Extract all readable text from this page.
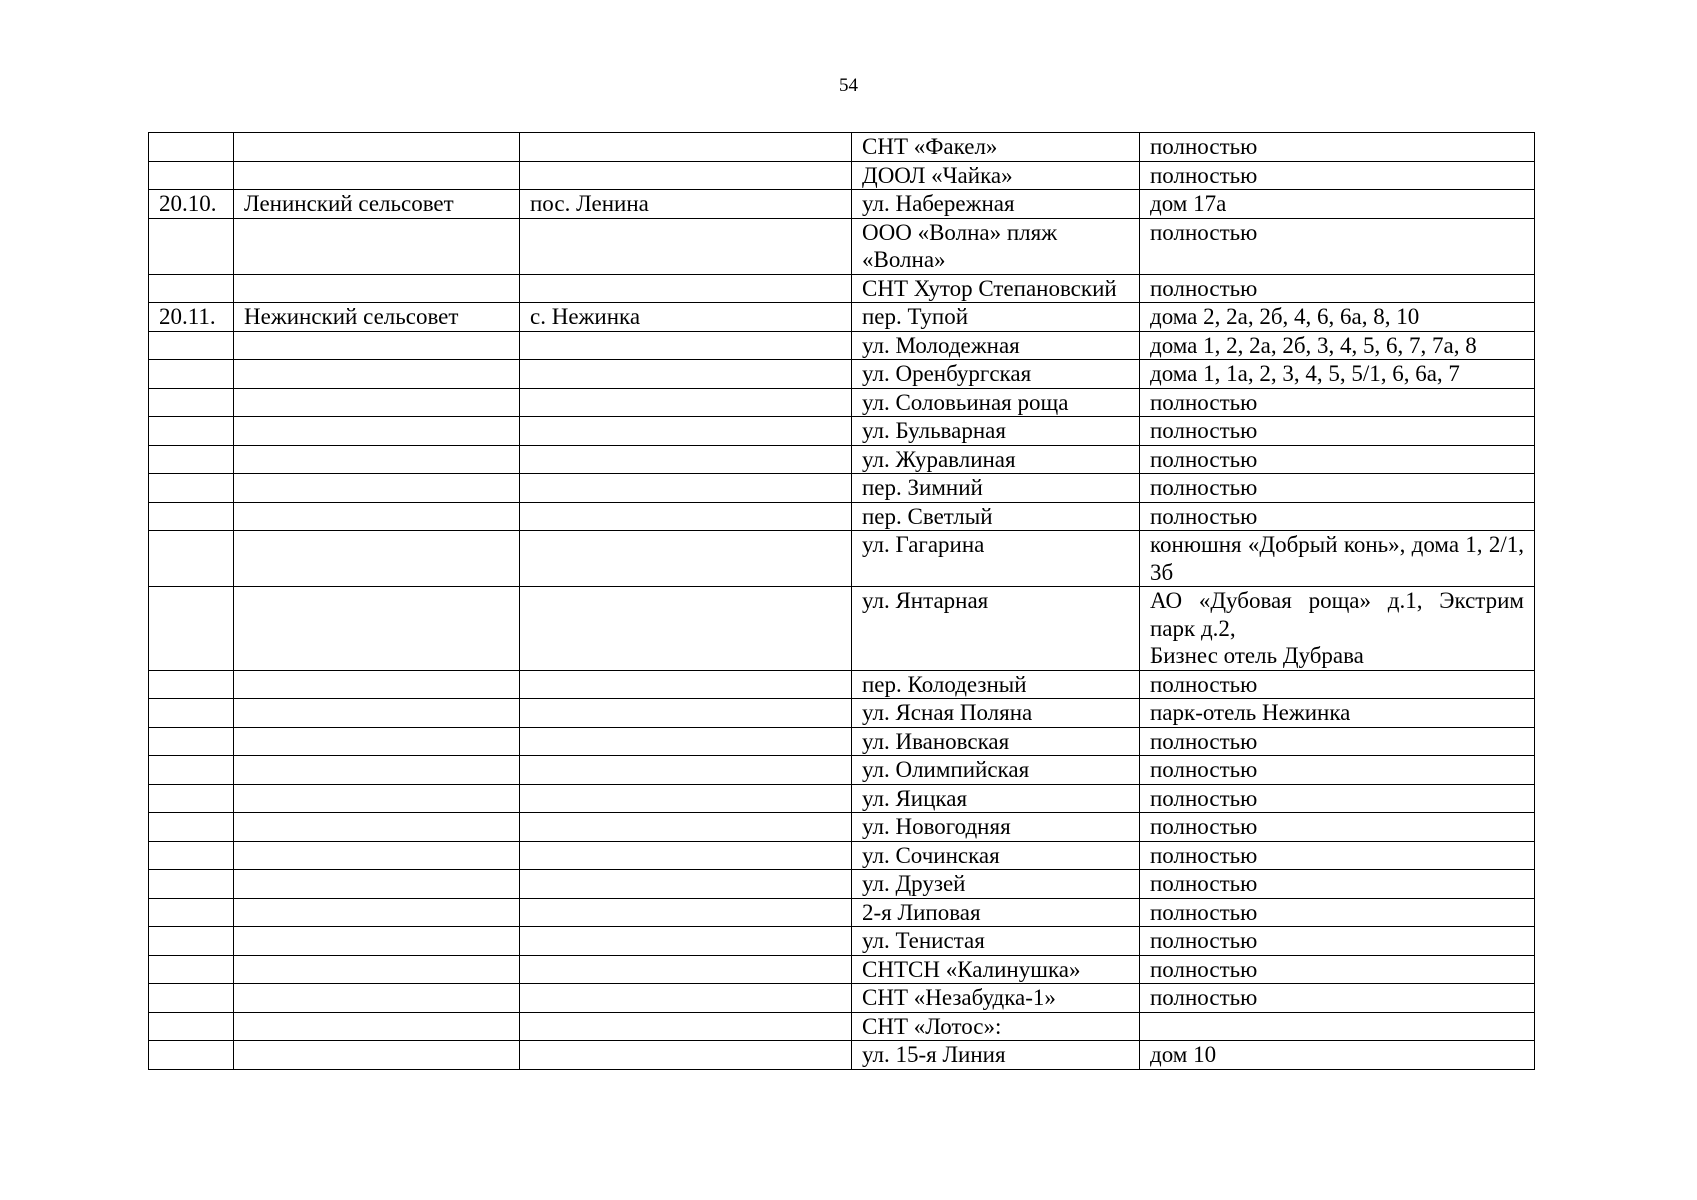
54
			СНТ «Факел»	полностью
			ДООЛ «Чайка»	полностью
20.10.	Ленинский сельсовет	пос. Ленина	ул. Набережная	дом 17а
			ООО «Волна» пляж «Волна»	полностью
			СНТ Хутор Степановский	полностью
20.11.	Нежинский сельсовет	с. Нежинка	пер. Тупой	дома 2, 2а, 2б, 4, 6, 6а, 8, 10
			ул. Молодежная	дома 1, 2, 2а, 2б, 3, 4, 5, 6, 7, 7а, 8
			ул. Оренбургская	дома 1, 1а, 2, 3, 4, 5, 5/1, 6, 6а, 7
			ул. Соловьиная роща	полностью
			ул. Бульварная	полностью
			ул. Журавлиная	полностью
			пер. Зимний	полностью
			пер. Светлый	полностью
			ул. Гагарина	конюшня «Добрый конь», дома 1, 2/1, 3б
			ул. Янтарная	АО «Дубовая роща» д.1, Экстрим парк д.2,
Бизнес отель Дубрава
			пер. Колодезный	полностью
			ул. Ясная Поляна	парк-отель Нежинка
			ул. Ивановская	полностью
			ул. Олимпийская	полностью
			ул. Яицкая	полностью
			ул. Новогодняя	полностью
			ул. Сочинская	полностью
			ул. Друзей	полностью
			2-я Липовая	полностью
			ул. Тенистая	полностью
			СНТСН «Калинушка»	полностью
			СНТ «Незабудка-1»	полностью
			СНТ «Лотос»:	
			ул. 15-я Линия	дом 10
